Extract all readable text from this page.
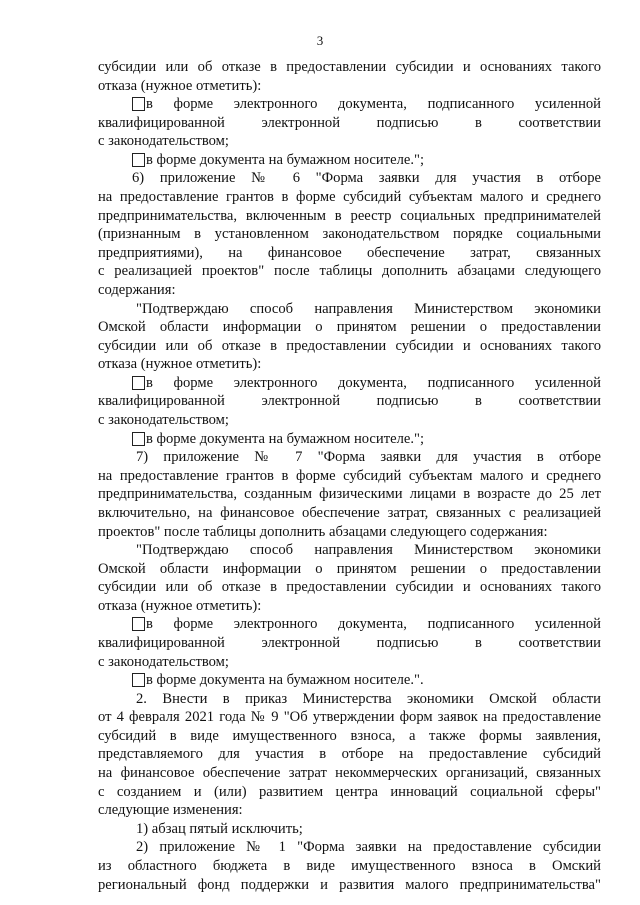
3
субсидии или об отказе в предоставлении субсидии и основаниях такого
отказа (нужное отметить):
в форме электронного документа, подписанного усиленной
квалифицированной электронной подписью в соответствии
с законодательством;
в форме документа на бумажном носителе.";
6) приложение № 6 "Форма заявки для участия в отборе
на предоставление грантов в форме субсидий субъектам малого и среднего
предпринимательства, включенным в реестр социальных предпринимателей
(признанным в установленном законодательством порядке социальными
предприятиями), на финансовое обеспечение затрат, связанных
с реализацией проектов" после таблицы дополнить абзацами следующего
содержания:
"Подтверждаю способ направления Министерством экономики
Омской области информации о принятом решении о предоставлении
субсидии или об отказе в предоставлении субсидии и основаниях такого
отказа (нужное отметить):
в форме электронного документа, подписанного усиленной
квалифицированной электронной подписью в соответствии
с законодательством;
в форме документа на бумажном носителе.";
7) приложение № 7 "Форма заявки для участия в отборе
на предоставление грантов в форме субсидий субъектам малого и среднего
предпринимательства, созданным физическими лицами в возрасте до 25 лет
включительно, на финансовое обеспечение затрат, связанных с реализацией
проектов" после таблицы дополнить абзацами следующего содержания:
"Подтверждаю способ направления Министерством экономики
Омской области информации о принятом решении о предоставлении
субсидии или об отказе в предоставлении субсидии и основаниях такого
отказа (нужное отметить):
в форме электронного документа, подписанного усиленной
квалифицированной электронной подписью в соответствии
с законодательством;
в форме документа на бумажном носителе.".
2. Внести в приказ Министерства экономики Омской области
от 4 февраля 2021 года № 9 "Об утверждении форм заявок на предоставление
субсидий в виде имущественного взноса, а также формы заявления,
представляемого для участия в отборе на предоставление субсидий
на финансовое обеспечение затрат некоммерческих организаций, связанных
с созданием и (или) развитием центра инноваций социальной сферы"
следующие изменения:
1) абзац пятый исключить;
2) приложение № 1 "Форма заявки на предоставление субсидии
из областного бюджета в виде имущественного взноса в Омский
региональный фонд поддержки и развития малого предпринимательства"
